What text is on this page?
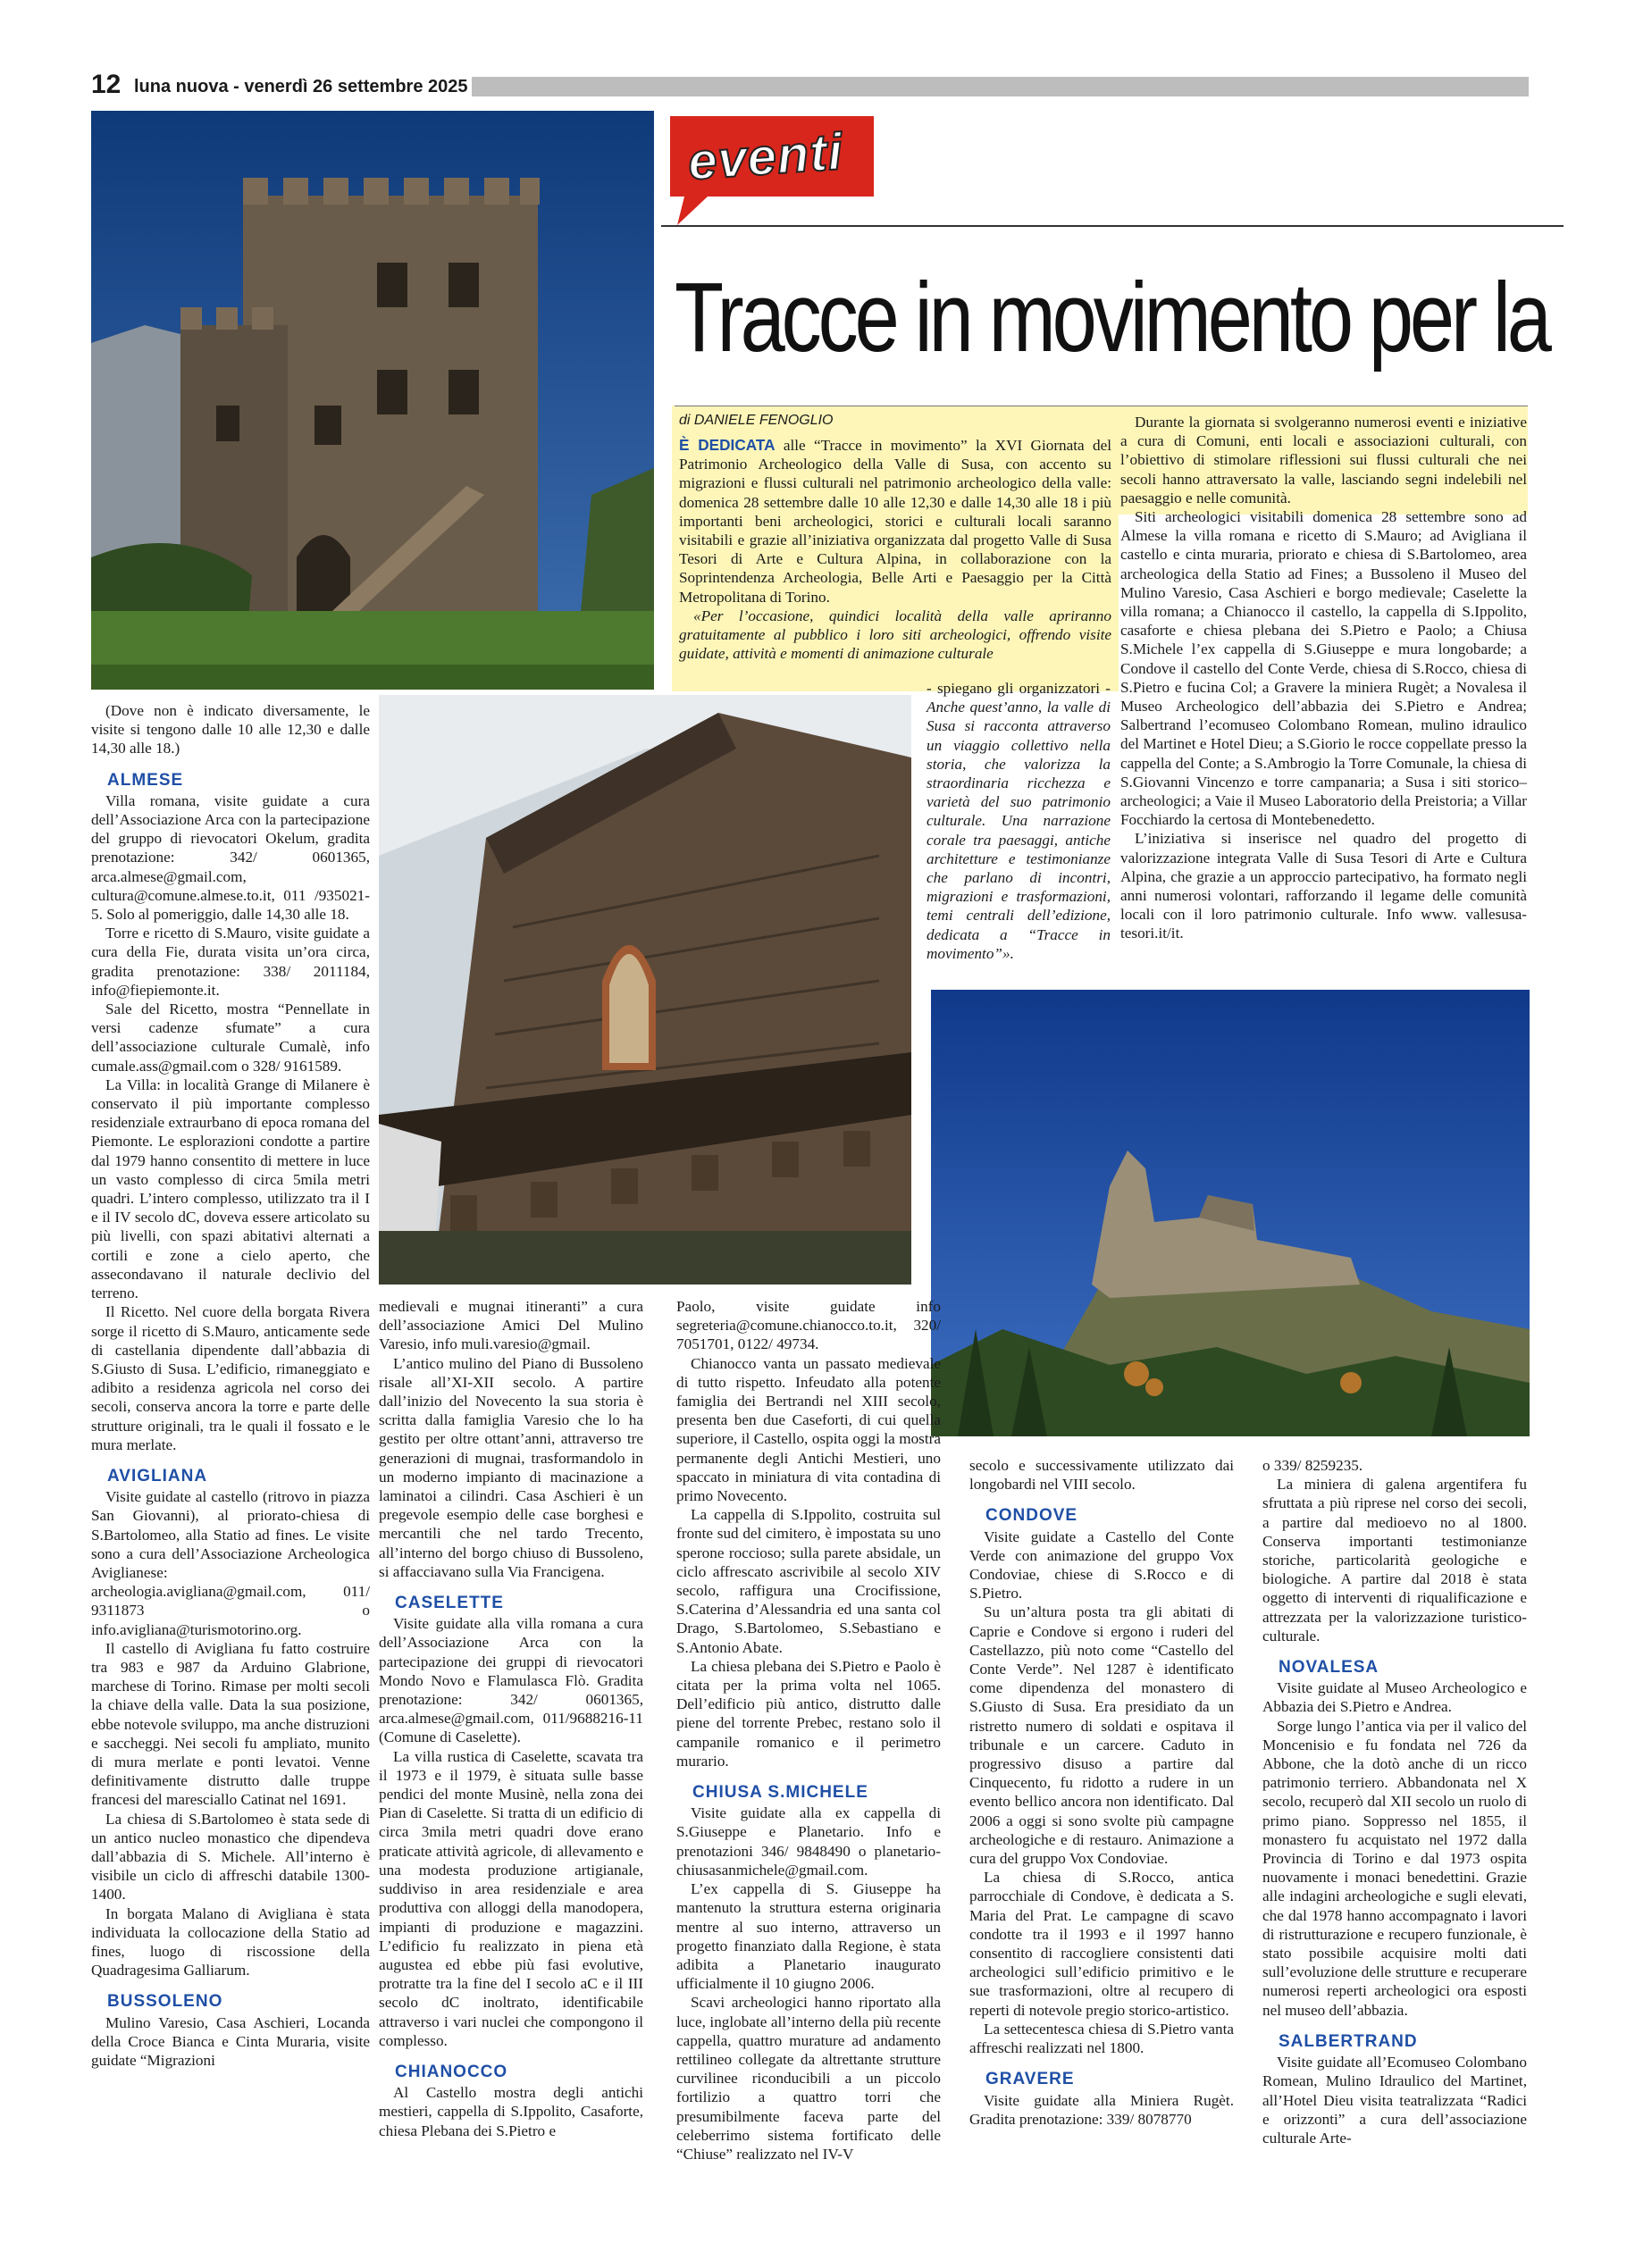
12 luna nuova - venerdì 26 settembre 2025
eventi
Tracce in movimento per la
di DANIELE FENOGLIO

È DEDICATA alle “Tracce in movimento” la XVI Giornata del Patrimonio Archeologico della Valle di Susa, con accento su migrazioni e flussi culturali nel patrimonio archeologico della valle: domenica 28 settembre dalle 10 alle 12,30 e dalle 14,30 alle 18 i più importanti beni archeologici, storici e culturali locali saranno visitabili e grazie all’iniziativa organizzata dal progetto Valle di Susa Tesori di Arte e Cultura Alpina, in collaborazione con la Soprintendenza Archeologia, Belle Arti e Paesaggio per la Città Metropolitana di Torino.

«Per l’occasione, quindici località della valle apriranno gratuitamente al pubblico i loro siti archeologici, offrendo visite guidate, attività e momenti di animazione culturale

- spiegano gli organizzatori - Anche quest’anno, la valle di Susa si racconta attraverso un viaggio collettivo nella storia, che valorizza la straordinaria ricchezza e varietà del suo patrimonio culturale. Una narrazione corale tra paesaggi, antiche architetture e testimonianze che parlano di incontri, migrazioni e trasformazioni, temi centrali dell’edizione, dedicata a “Tracce in movimento”».

Durante la giornata si svolgeranno numerosi eventi e iniziative a cura di Comuni, enti locali e associazioni culturali, con l’obiettivo di stimolare riflessioni sui flussi culturali che nei secoli hanno attraversato la valle, lasciando segni indelebili nel paesaggio e nelle comunità.

Siti archeologici visitabili domenica 28 settembre sono ad Almese la villa romana e ricetto di S.Mauro; ad Avigliana il castello e cinta muraria, priorato e chiesa di S.Bartolomeo, area archeologica della Statio ad Fines; a Bussoleno il Museo del Mulino Varesio, Casa Aschieri e borgo medievale; Caselette la villa romana; a Chianocco il castello, la cappella di S.Ippolito, casaforte e chiesa plebana dei S.Pietro e Paolo; a Chiusa S.Michele l’ex cappella di S.Giuseppe e mura longobarde; a Condove il castello del Conte Verde, chiesa di S.Rocco, chiesa di S.Pietro e fucina Col; a Gravere la miniera Rugèt; a Novalesa il Museo Archeologico dell’abbazia dei S.Pietro e Andrea; Salbertrand l’ecomuseo Colombano Romean, mulino idraulico del Martinet e Hotel Dieu; a S.Giorio le rocce coppellate presso la cappella del Conte; a S.Ambrogio la Torre Comunale, la chiesa di S.Giovanni Vincenzo e torre campanaria; a Susa i siti storico–archeologici; a Vaie il Museo Laboratorio della Preistoria; a Villar Focchiardo la certosa di Montebenedetto.

L’iniziativa si inserisce nel quadro del progetto di valorizzazione integrata Valle di Susa Tesori di Arte e Cultura Alpina, che grazie a un approccio partecipativo, ha formato negli anni numerosi volontari, rafforzando il legame delle comunità locali con il loro patrimonio culturale. Info www. vallesusa-tesori.it/it.

(Dove non è indicato diversamente, le visite si tengono dalle 10 alle 12,30 e dalle 14,30 alle 18.)

ALMESE

Villa romana, visite guidate a cura dell’Associazione Arca con la partecipazione del gruppo di rievocatori Okelum, gradita prenotazione: 342/ 0601365, arca.almese@gmail.com, cultura@comune.almese.to.it, 011 /935021-5. Solo al pomeriggio, dalle 14,30 alle 18.

Torre e ricetto di S.Mauro, visite guidate a cura della Fie, durata visita un’ora circa, gradita prenotazione: 338/ 2011184, info@fiepiemonte.it.

Sale del Ricetto, mostra “Pennellate in versi cadenze sfumate” a cura dell’associazione culturale Cumalè, info cumale.ass@gmail.com o 328/ 9161589.

La Villa: in località Grange di Milanere è conservato il più importante complesso residenziale extraurbano di epoca romana del Piemonte. Le esplorazioni condotte a partire dal 1979 hanno consentito di mettere in luce un vasto complesso di circa 5mila metri quadri. L’intero complesso, utilizzato tra il I e il IV secolo dC, doveva essere articolato su più livelli, con spazi abitativi alternati a cortili e zone a cielo aperto, che assecondavano il naturale declivio del terreno.

Il Ricetto. Nel cuore della borgata Rivera sorge il ricetto di S.Mauro, anticamente sede di castellania dipendente dall’abbazia di S.Giusto di Susa. L’edificio, rimaneggiato e adibito a residenza agricola nel corso dei secoli, conserva ancora la torre e parte delle strutture originali, tra le quali il fossato e le mura merlate.

AVIGLIANA

Visite guidate al castello (ritrovo in piazza San Giovanni), al priorato-chiesa di S.Bartolomeo, alla Statio ad fines. Le visite sono a cura dell’Associazione Archeologica Aviglianese: archeologia.avigliana@gmail.com, 011/ 9311873 o info.avigliana@turismotorino.org.

Il castello di Avigliana fu fatto costruire tra 983 e 987 da Arduino Glabrione, marchese di Torino. Rimase per molti secoli la chiave della valle. Data la sua posizione, ebbe notevole sviluppo, ma anche distruzioni e saccheggi. Nei secoli fu ampliato, munito di mura merlate e ponti levatoi. Venne definitivamente distrutto dalle truppe francesi del maresciallo Catinat nel 1691.

La chiesa di S.Bartolomeo è stata sede di un antico nucleo monastico che dipendeva dall’abbazia di S. Michele. All’interno è visibile un ciclo di affreschi databile 1300-1400.

In borgata Malano di Avigliana è stata individuata la collocazione della Statio ad fines, luogo di riscossione della Quadragesima Galliarum.

BUSSOLENO

Mulino Varesio, Casa Aschieri, Locanda della Croce Bianca e Cinta Muraria, visite guidate “Migrazioni

medievali e mugnai itineranti” a cura dell’associazione Amici Del Mulino Varesio, info muli.varesio@gmail.

L’antico mulino del Piano di Bussoleno risale all’XI-XII secolo. A partire dall’inizio del Novecento la sua storia è scritta dalla famiglia Varesio che lo ha gestito per oltre ottant’anni, attraverso tre generazioni di mugnai, trasformandolo in un moderno impianto di macinazione a laminatoi a cilindri. Casa Aschieri è un pregevole esempio delle case borghesi e mercantili che nel tardo Trecento, all’interno del borgo chiuso di Bussoleno, si affacciavano sulla Via Francigena.

CASELETTE

Visite guidate alla villa romana a cura dell’Associazione Arca con la partecipazione dei gruppi di rievocatori Mondo Novo e Flamulasca Flò. Gradita prenotazione: 342/ 0601365, arca.almese@gmail.com, 011/9688216-11 (Comune di Caselette).

La villa rustica di Caselette, scavata tra il 1973 e il 1979, è situata sulle basse pendici del monte Musinè, nella zona dei Pian di Caselette. Si tratta di un edificio di circa 3mila metri quadri dove erano praticate attività agricole, di allevamento e una modesta produzione artigianale, suddiviso in area residenziale e area produttiva con alloggi della manodopera, impianti di produzione e magazzini. L’edificio fu realizzato in piena età augustea ed ebbe più fasi evolutive, protratte tra la fine del I secolo aC e il III secolo dC inoltrato, identificabile attraverso i vari nuclei che compongono il complesso.

CHIANOCCO

Al Castello mostra degli antichi mestieri, cappella di S.Ippolito, Casaforte, chiesa Plebana dei S.Pietro e

Paolo, visite guidate info segreteria@comune.chianocco.to.it, 320/ 7051701, 0122/ 49734.

Chianocco vanta un passato medievale di tutto rispetto. Infeudato alla potente famiglia dei Bertrandi nel XIII secolo, presenta ben due Caseforti, di cui quella superiore, il Castello, ospita oggi la mostra permanente degli Antichi Mestieri, uno spaccato in miniatura di vita contadina di primo Novecento.

La cappella di S.Ippolito, costruita sul fronte sud del cimitero, è impostata su uno sperone roccioso; sulla parete absidale, un ciclo affrescato ascrivibile al secolo XIV secolo, raffigura una Crocifissione, S.Caterina d’Alessandria ed una santa col Drago, S.Bartolomeo, S.Sebastiano e S.Antonio Abate.

La chiesa plebana dei S.Pietro e Paolo è citata per la prima volta nel 1065. Dell’edificio più antico, distrutto dalle piene del torrente Prebec, restano solo il campanile romanico e il perimetro murario.

CHIUSA S.MICHELE

Visite guidate alla ex cappella di S.Giuseppe e Planetario. Info e prenotazioni 346/ 9848490 o planetario-chiusasanmichele@gmail.com.

L’ex cappella di S. Giuseppe ha mantenuto la struttura esterna originaria mentre al suo interno, attraverso un progetto finanziato dalla Regione, è stata adibita a Planetario inaugurato ufficialmente il 10 giugno 2006.

Scavi archeologici hanno riportato alla luce, inglobate all’interno della più recente cappella, quattro murature ad andamento rettilineo collegate da altrettante strutture curvilinee riconducibili a un piccolo fortilizio a quattro torri che presumibilmente faceva parte del celeberrimo sistema fortificato delle “Chiuse” realizzato nel IV-V

secolo e successivamente utilizzato dai longobardi nel VIII secolo.

CONDOVE

Visite guidate a Castello del Conte Verde con animazione del gruppo Vox Condoviae, chiese di S.Rocco e di S.Pietro.

Su un’altura posta tra gli abitati di Caprie e Condove si ergono i ruderi del Castellazzo, più noto come “Castello del Conte Verde”. Nel 1287 è identificato come dipendenza del monastero di S.Giusto di Susa. Era presidiato da un ristretto numero di soldati e ospitava il tribunale e un carcere. Caduto in progressivo disuso a partire dal Cinquecento, fu ridotto a rudere in un evento bellico ancora non identificato. Dal 2006 a oggi si sono svolte più campagne archeologiche e di restauro. Animazione a cura del gruppo Vox Condoviae.

La chiesa di S.Rocco, antica parrocchiale di Condove, è dedicata a S. Maria del Prat. Le campagne di scavo condotte tra il 1993 e il 1997 hanno consentito di raccogliere consistenti dati archeologici sull’edificio primitivo e le sue trasformazioni, oltre al recupero di reperti di notevole pregio storico-artistico.

La settecentesca chiesa di S.Pietro vanta affreschi realizzati nel 1800.

GRAVERE

Visite guidate alla Miniera Rugèt. Gradita prenotazione: 339/ 8078770

o 339/ 8259235.

La miniera di galena argentifera fu sfruttata a più riprese nel corso dei secoli, a partire dal medioevo no al 1800. Conserva importanti testimonianze storiche, particolarità geologiche e biologiche. A partire dal 2018 è stata oggetto di interventi di riqualificazione e attrezzata per la valorizzazione turistico-culturale.

NOVALESA

Visite guidate al Museo Archeologico e Abbazia dei S.Pietro e Andrea.

Sorge lungo l’antica via per il valico del Moncenisio e fu fondata nel 726 da Abbone, che la dotò anche di un ricco patrimonio terriero. Abbandonata nel X secolo, recuperò dal XII secolo un ruolo di primo piano. Soppresso nel 1855, il monastero fu acquistato nel 1972 dalla Provincia di Torino e dal 1973 ospita nuovamente i monaci benedettini. Grazie alle indagini archeologiche e sugli elevati, che dal 1978 hanno accompagnato i lavori di ristrutturazione e recupero funzionale, è stato possibile acquisire molti dati sull’evoluzione delle strutture e recuperare numerosi reperti archeologici ora esposti nel museo dell’abbazia.

SALBERTRAND

Visite guidate all’Ecomuseo Colombano Romean, Mulino Idraulico del Martinet, all’Hotel Dieu visita teatralizzata “Radici e orizzonti” a cura dell’associazione culturale Arte-
